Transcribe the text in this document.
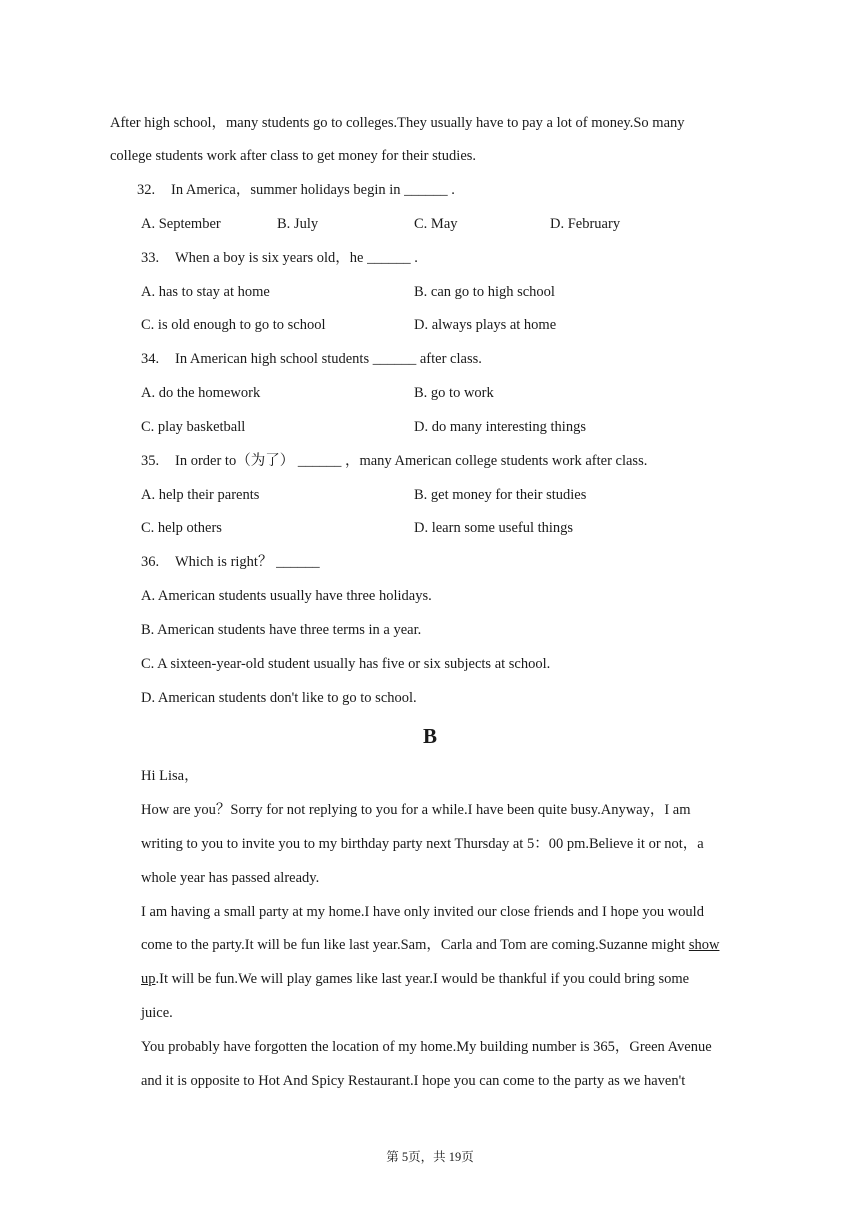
After high school，many students go to colleges.They usually have to pay a lot of money.So many
college students work after class to get money for their studies.
32. In America，summer holidays begin in ______ .
A. September	B. July	C. May	D. February
33. When a boy is six years old，he ______ .
A. has to stay at home	B. can go to high school
C. is old enough to go to school	D. always plays at home
34. In American high school students ______ after class.
A. do the homework	B. go to work
C. play basketball	D. do many interesting things
35. In order to（为了） ______ ，many American college students work after class.
A. help their parents	B. get money for their studies
C. help others	D. learn some useful things
36. Which is right？ ______
A. American students usually have three holidays.
B. American students have three terms in a year.
C. A sixteen-year-old student usually has five or six subjects at school.
D. American students don't like to go to school.
B
Hi Lisa，
How are you？Sorry for not replying to you for a while.I have been quite busy.Anyway，I am
writing to you to invite you to my birthday party next Thursday at 5：00 pm.Believe it or not，a
whole year has passed already.
I am having a small party at my home.I have only invited our close friends and I hope you would
come to the party.It will be fun like last year.Sam，Carla and Tom are coming.Suzanne might show
up.It will be fun.We will play games like last year.I would be thankful if you could bring some
juice.
You probably have forgotten the location of my home.My building number is 365，Green Avenue
and it is opposite to Hot And Spicy Restaurant.I hope you can come to the party as we haven't
第 5页，共 19页
